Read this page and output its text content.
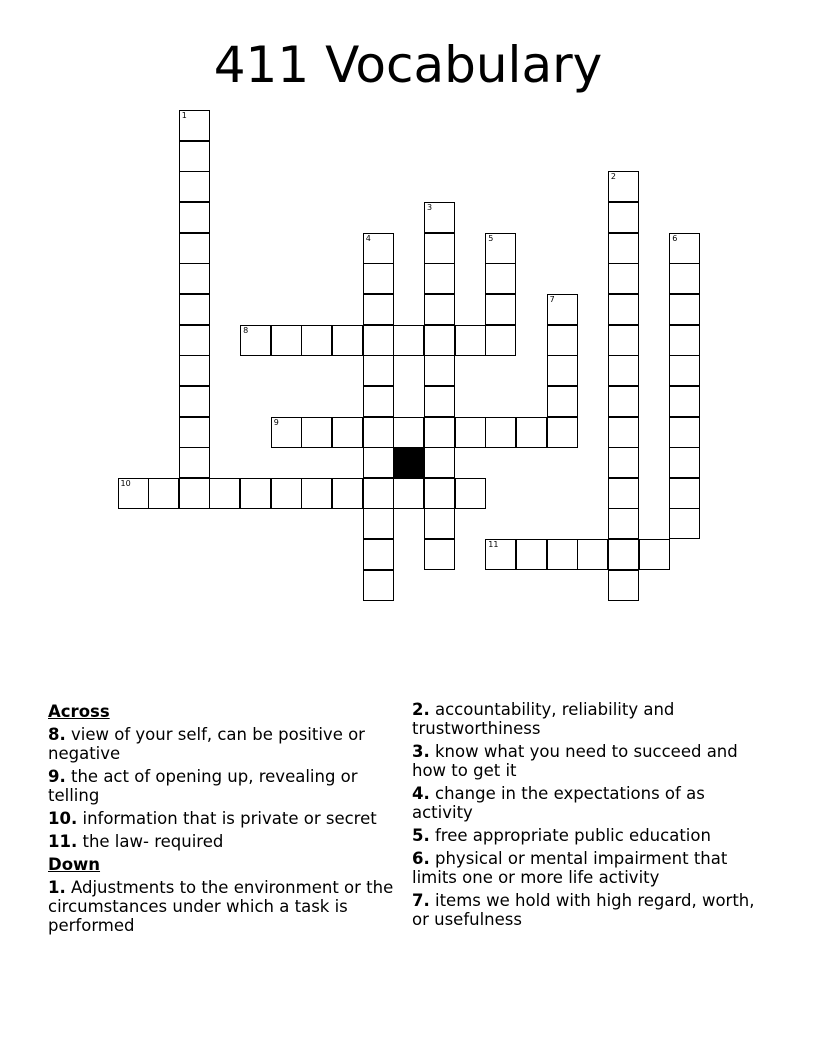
411 Vocabulary
1
2
3
4	5	6
7
8
9
10
11
Across
8. view of your self, can be positive or negative
9. the act of opening up, revealing or telling
10. information that is private or secret
11. the law- required
Down
1. Adjustments to the environment or the circumstances under which a task is performed
2. accountability, reliability and trustworthiness
3. know what you need to succeed and how to get it
4. change in the expectations of as activity
5. free appropriate public education
6. physical or mental impairment that limits one or more life activity
7. items we hold with high regard, worth, or usefulness
